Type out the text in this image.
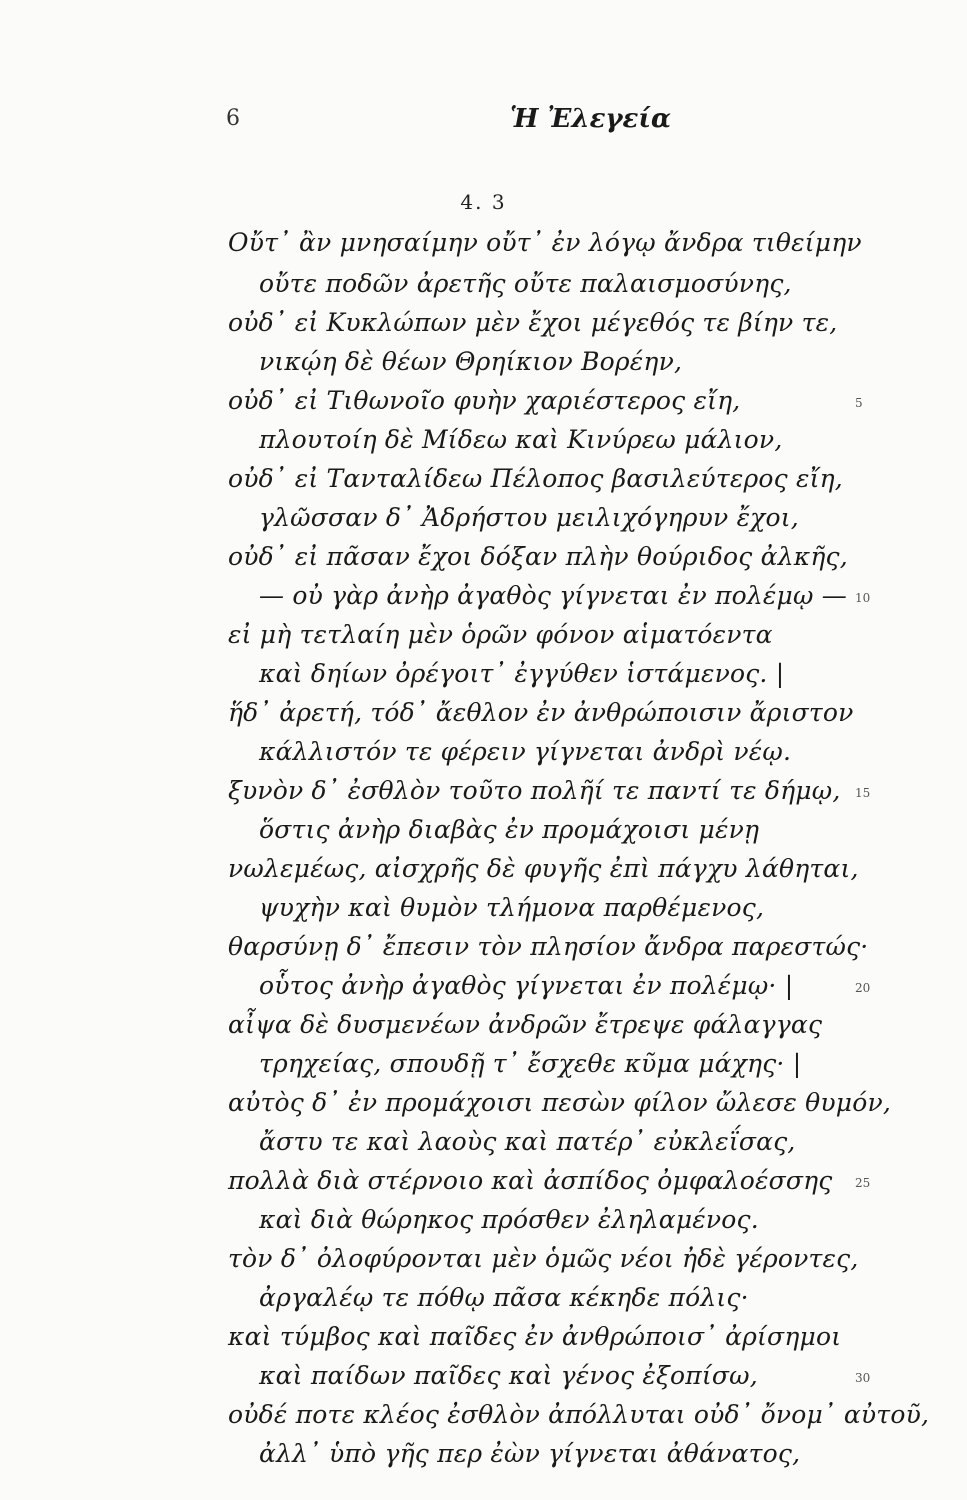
6	Ἡ Ἐλεγεία
4. 3
Οὔτ᾽ ἂν μνησαίμην οὔτ᾽ ἐν λόγῳ ἄνδρα τιθείμην
οὔτε ποδῶν ἀρετῆς οὔτε παλαισμοσύνης,
οὐδ᾽ εἰ Κυκλώπων μὲν ἔχοι μέγεθός τε βίην τε,
νικῴη δὲ θέων Θρηίκιον Βορέην,
οὐδ᾽ εἰ Τιθωνοῖο φυὴν χαριέστερος εἴη,	5
πλουτοίη δὲ Μίδεω καὶ Κινύρεω μάλιον,
οὐδ᾽ εἰ Τανταλίδεω Πέλοπος βασιλεύτερος εἴη,
γλῶσσαν δ᾽ Ἀδρήστου μειλιχόγηρυν ἔχοι,
οὐδ᾽ εἰ πᾶσαν ἔχοι δόξαν πλὴν θούριδος ἀλκῆς,
— οὐ γὰρ ἀνὴρ ἀγαθὸς γίγνεται ἐν πολέμῳ — 10
εἰ μὴ τετλαίη μὲν ὁρῶν φόνον αἱματόεντα
καὶ δηίων ὀρέγοιτ᾽ ἐγγύθεν ἱστάμενος. |
ἥδ᾽ ἀρετή, τόδ᾽ ἄεθλον ἐν ἀνθρώποισιν ἄριστον
κάλλιστόν τε φέρειν γίγνεται ἀνδρὶ νέῳ.
ξυνὸν δ᾽ ἐσθλὸν τοῦτο πολῆί τε παντί τε δήμῳ, 15
ὅστις ἀνὴρ διαβὰς ἐν προμάχοισι μένῃ
νωλεμέως, αἰσχρῆς δὲ φυγῆς ἐπὶ πάγχυ λάθηται,
ψυχὴν καὶ θυμὸν τλήμονα παρθέμενος,
θαρσύνῃ δ᾽ ἔπεσιν τὸν πλησίον ἄνδρα παρεστώς·
οὗτος ἀνὴρ ἀγαθὸς γίγνεται ἐν πολέμῳ· |	20
αἶψα δὲ δυσμενέων ἀνδρῶν ἔτρεψε φάλαγγας
τρηχείας, σπουδῇ τ᾽ ἔσχεθε κῦμα μάχης· |
αὐτὸς δ᾽ ἐν προμάχοισι πεσὼν φίλον ὤλεσε θυμόν,
ἄστυ τε καὶ λαοὺς καὶ πατέρ᾽ εὐκλεΐσας,
πολλὰ διὰ στέρνοιο καὶ ἀσπίδος ὀμφαλοέσσης 25
καὶ διὰ θώρηκος πρόσθεν ἐληλαμένος.
τὸν δ᾽ ὀλοφύρονται μὲν ὁμῶς νέοι ἠδὲ γέροντες,
ἀργαλέῳ τε πόθῳ πᾶσα κέκηδε πόλις·
καὶ τύμβος καὶ παῖδες ἐν ἀνθρώποισ᾽ ἀρίσημοι
καὶ παίδων παῖδες καὶ γένος ἐξοπίσω,	30
οὐδέ ποτε κλέος ἐσθλὸν ἀπόλλυται οὐδ᾽ ὄνομ᾽ αὐτοῦ,
ἀλλ᾽ ὑπὸ γῆς περ ἐὼν γίγνεται ἀθάνατος,
